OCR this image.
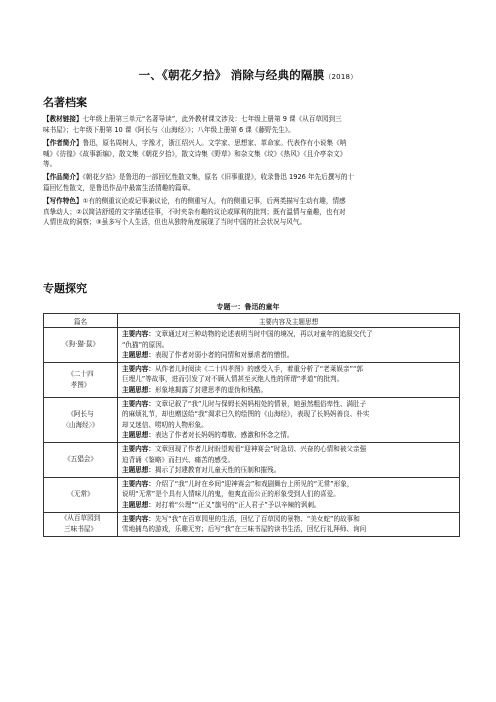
一、《朝花夕拾》 消除与经典的隔膜（2018）
名著档案
【教材链接】七年级上册第三单元“名著导读”，此外教材课文涉及：七年级上册第 9 课《从百草园到三
味书屋》；七年级下册第 10 课《阿长与〈山海经〉》；八年级上册第 6 课《藤野先生》。
【作者简介】鲁迅，原名周树人，字豫才，浙江绍兴人。文学家、思想家、革命家。代表作有小说集《呐
喊》《彷徨》《故事新编》，散文集《朝花夕拾》，散文诗集《野草》和杂文集《坟》《热风》《且介亭杂文》
等。
【作品简介】《朝花夕拾》是鲁迅的一部回忆性散文集，原名《旧事重提》，收录鲁迅 1926 年先后撰写的十
篇回忆性散文，是鲁迅作品中最富生活情趣的篇章。
【写作特色】①有的侧重议论或记事兼议论，有的侧重写人，有的侧重记事，后两类描写生动有趣，情感
真挚动人；②以简洁舒缓的文字描述往事，不时夹杂有趣的议论或犀利的批判；既有温情与童趣，也有对
人情世故的洞察；③虽多写个人生活，但也从独特角度展现了当时中国的社会状况与风气。
专题探究
专题一：鲁迅的童年
篇名	主要内容及主题思想

《狗·猫·鼠》	主要内容：文章通过对三种动物的论述表明当时中国的境况，再以对童年的追叙交代了
“仇猫”的原因。
主题思想：表现了作者对弱小者的同情和对暴虐者的憎恨。

《二十四
孝图》	主要内容：从作者儿时阅读《二十四孝图》的感受入手，着重分析了“老莱娱亲”“郭
巨埋儿”等故事，进而引发了对不顾人情甚至灭绝人性的所谓“孝道”的批判。
主题思想：形象地揭露了封建思孝的虚伪和残酷。

《阿长与
〈山海经〉》	主要内容：文章记叙了“我”儿时与保姆长妈妈相处的情景，她虽然粗俗卑性、满肚子
的麻烦礼节，却也赠送给“我”渴求已久的绘图的《山海经》，表现了长妈妈善良、朴实
却又迷信、唠叨的人物形象。
主题思想：表达了作者对长妈妈的尊敬、感激和怀念之情。

《五猖会》	主要内容：文章回现了作者儿时盼望观看“迎神赛会”时急切、兴奋的心情和被父亲强
迫背诵《鉴略》而扫兴、痛苦的感受。
主题思想：揭示了封建教育对儿童天性的压制和摧残。

《无常》	主要内容：介绍了“我”儿时在乡间“迎神赛会”和戏剧舞台上所见的“无常”形象，
说明“无常”是个具有人情味儿的鬼，他爽直而公正的形象受到人们的喜爱。
主题思想：对打着“公理”“正义”旗号的“正人君子”予以辛辣的讽刺。

《从百草园到
三味书屋》	主要内容：先写“我”在百草园里的生活，回忆了百草园的景物、“美女蛇”的故事和
雪地捕鸟的游戏，乐趣无穷；后写“我”在三味书屋的读书生活，回忆行礼拜师、询问
